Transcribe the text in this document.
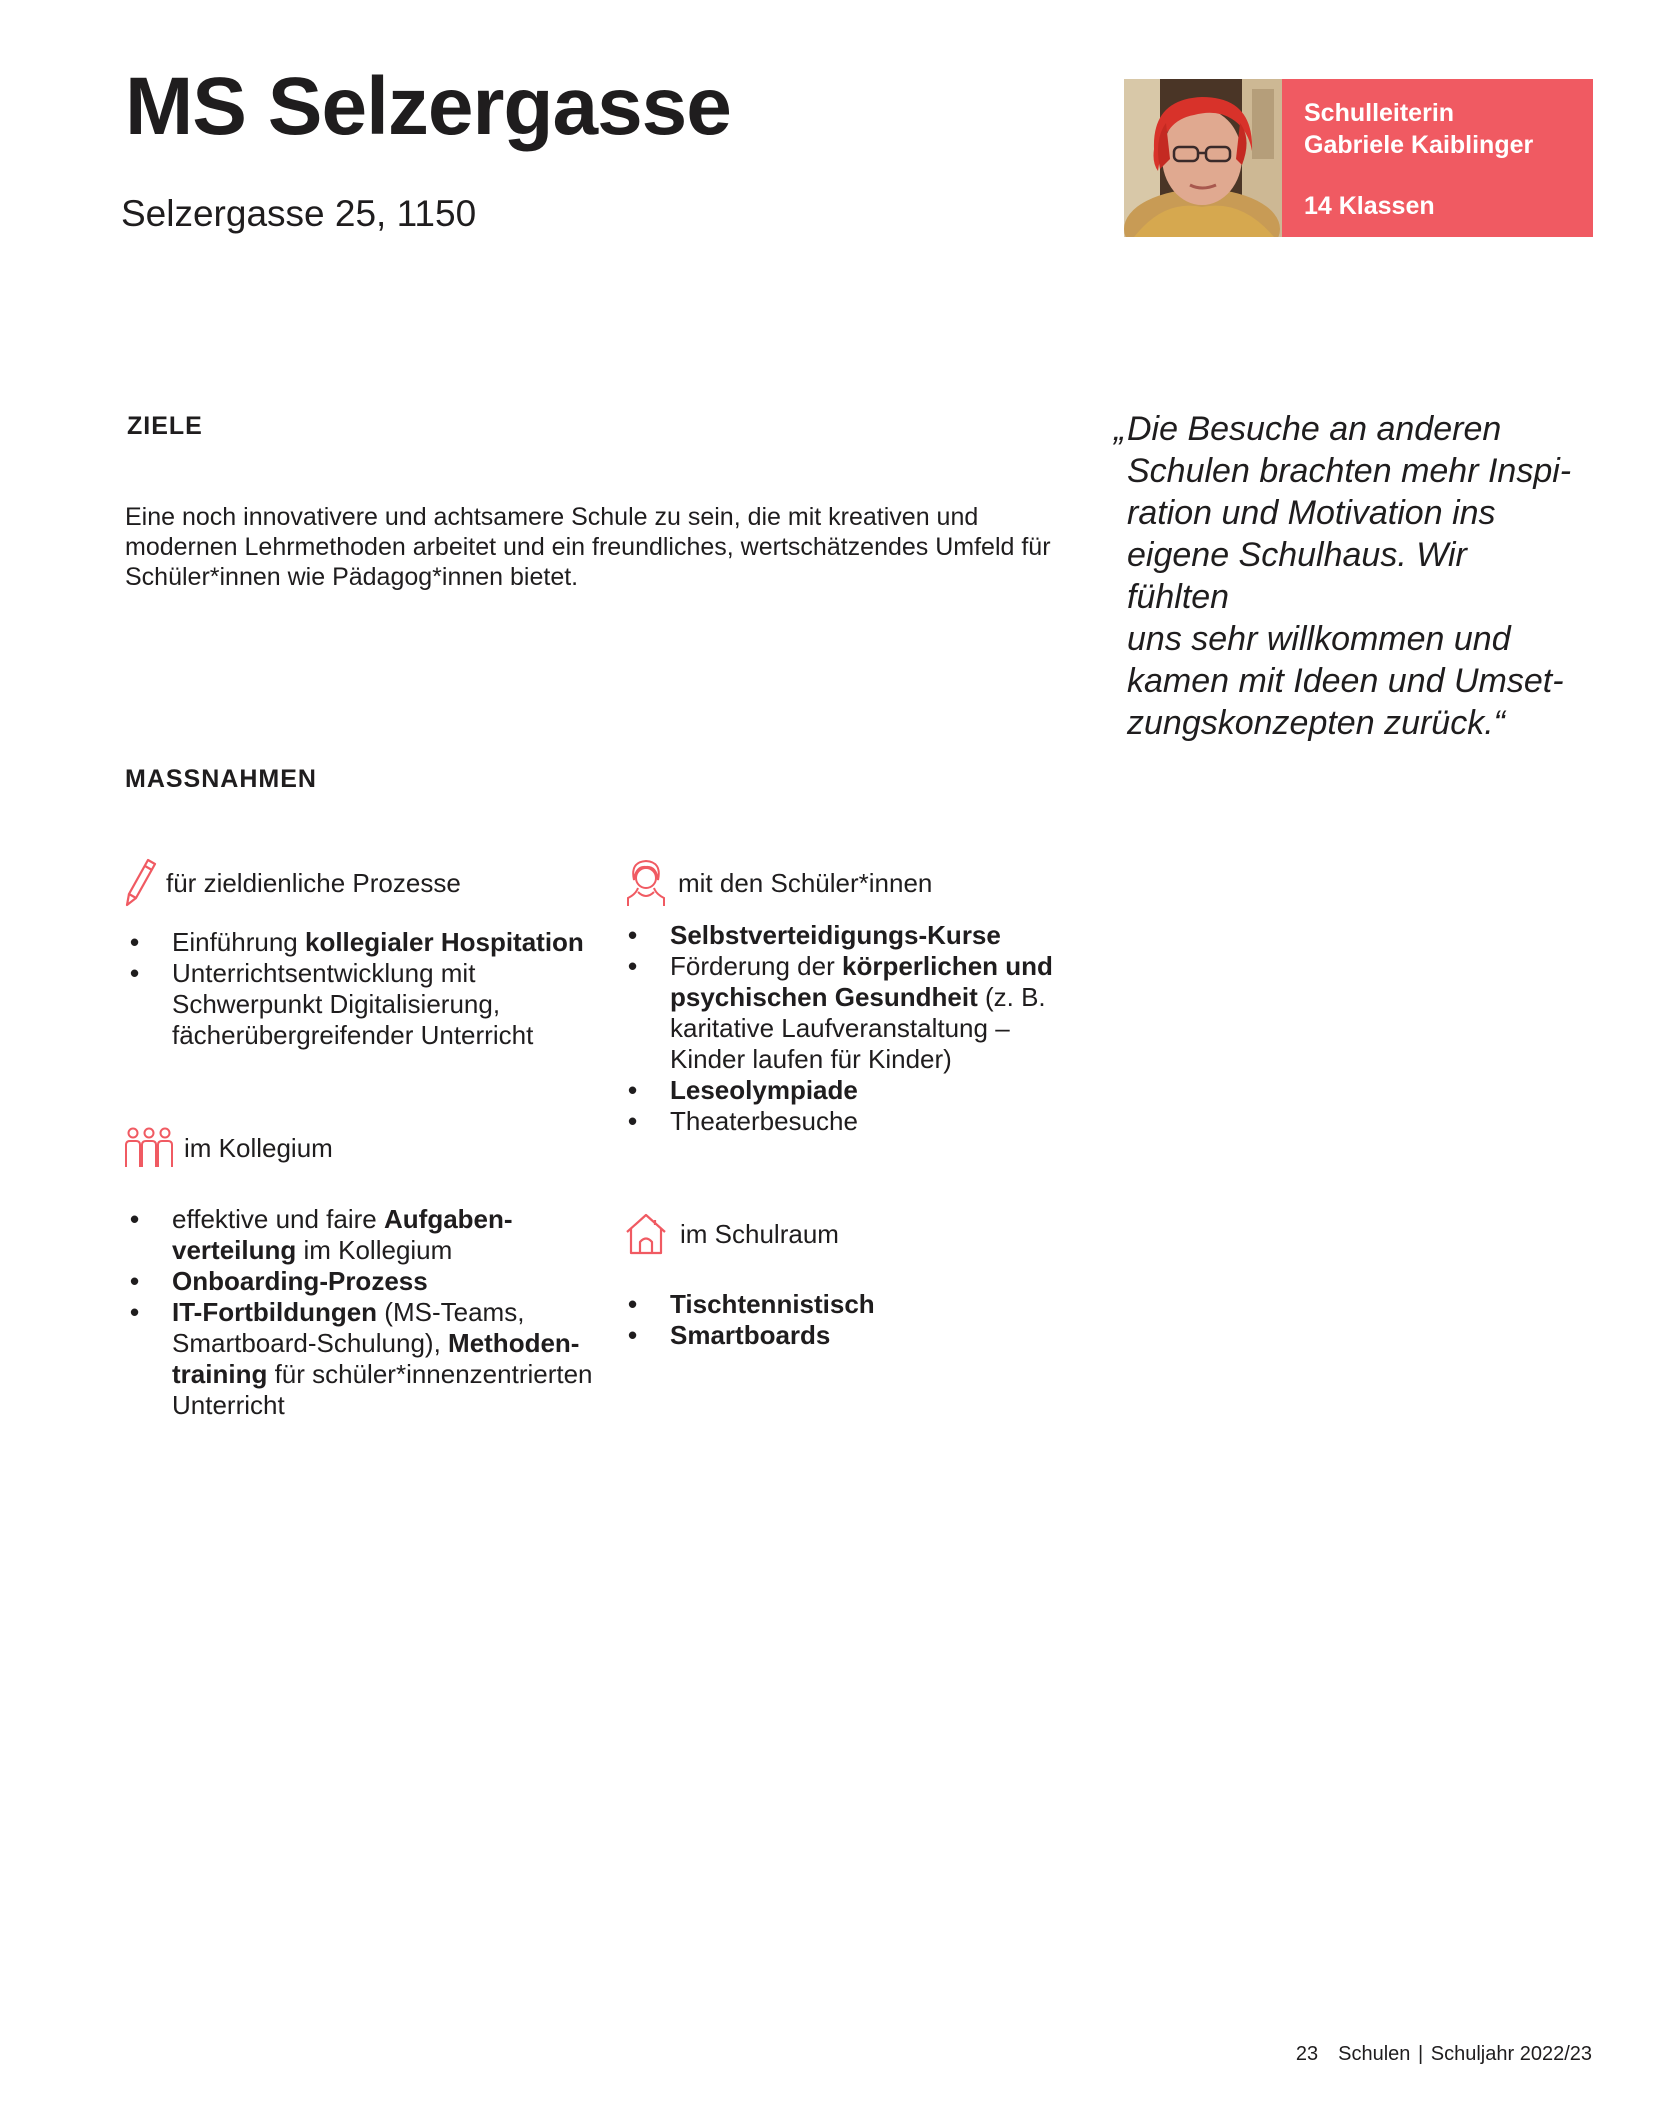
MS Selzergasse
Selzergasse 25, 1150
Schulleiterin
Gabriele Kaiblinger
14 Klassen
ZIELE
Eine noch innovativere und achtsamere Schule zu sein, die mit kreativen und modernen Lehrmethoden arbeitet und ein freundliches, wertschätzendes Umfeld für Schüler*innen wie Pädagog*innen bietet.
„Die Besuche an anderen
Schulen brachten mehr Inspi-
ration und Motivation ins
eigene Schulhaus. Wir fühlten
uns sehr willkommen und
kamen mit Ideen und Umset-
zungskonzepten zurück.“
MASSNAHMEN
für zieldienliche Prozesse
• Einführung kollegialer Hospitation
• Unterrichtsentwicklung mit Schwerpunkt Digitalisierung, fächerübergreifender Unterricht
im Kollegium
• effektive und faire Aufgaben-verteilung im Kollegium
• Onboarding-Prozess
• IT-Fortbildungen (MS-Teams, Smartboard-Schulung), Methoden-training für schüler*innenzentrierten Unterricht
mit den Schüler*innen
• Selbstverteidigungs-Kurse
• Förderung der körperlichen und psychischen Gesundheit (z. B. karitative Laufveranstaltung – Kinder laufen für Kinder)
• Leseolympiade
• Theaterbesuche
im Schulraum
• Tischtennistisch
• Smartboards
23 Schulen | Schuljahr 2022/23
